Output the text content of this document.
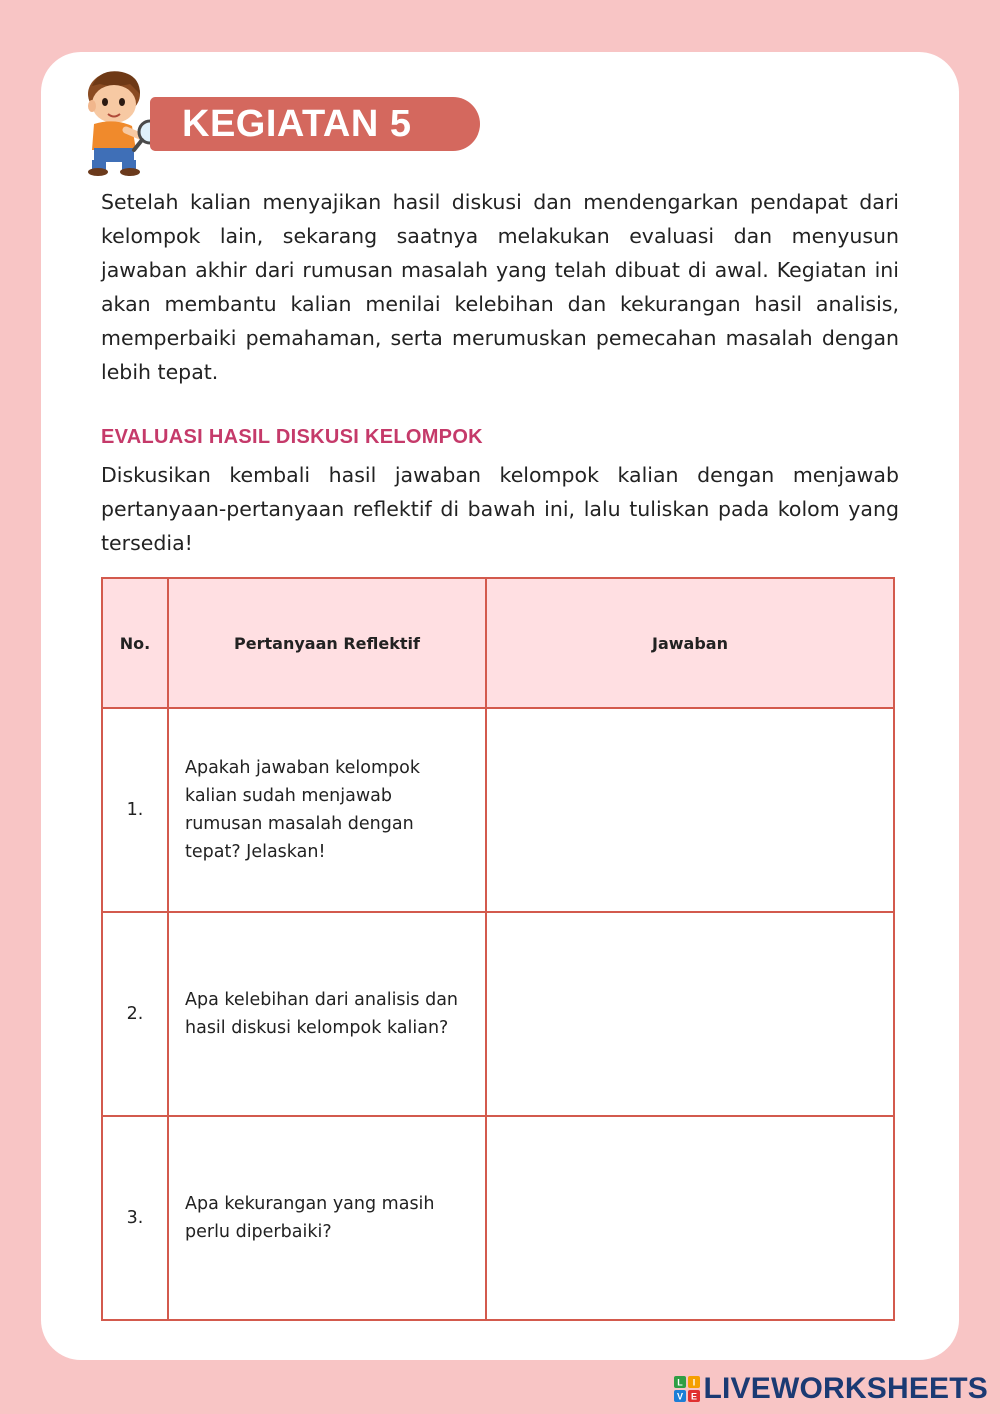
KEGIATAN 5

Setelah kalian menyajikan hasil diskusi dan mendengarkan pendapat dari kelompok lain, sekarang saatnya melakukan evaluasi dan menyusun jawaban akhir dari rumusan masalah yang telah dibuat di awal. Kegiatan ini akan membantu kalian menilai kelebihan dan kekurangan hasil analisis, memperbaiki pemahaman, serta merumuskan pemecahan masalah dengan lebih tepat.

EVALUASI HASIL DISKUSI KELOMPOK

Diskusikan kembali hasil jawaban kelompok kalian dengan menjawab pertanyaan-pertanyaan reflektif di bawah ini, lalu tuliskan pada kolom yang tersedia!

No.	Pertanyaan Reflektif	Jawaban
1.	Apakah jawaban kelompok kalian sudah menjawab rumusan masalah dengan tepat? Jelaskan!	
2.	Apa kelebihan dari analisis dan hasil diskusi kelompok kalian?	
3.	Apa kekurangan yang masih perlu diperbaiki?	
L I
V E LIVEWORKSHEETS
